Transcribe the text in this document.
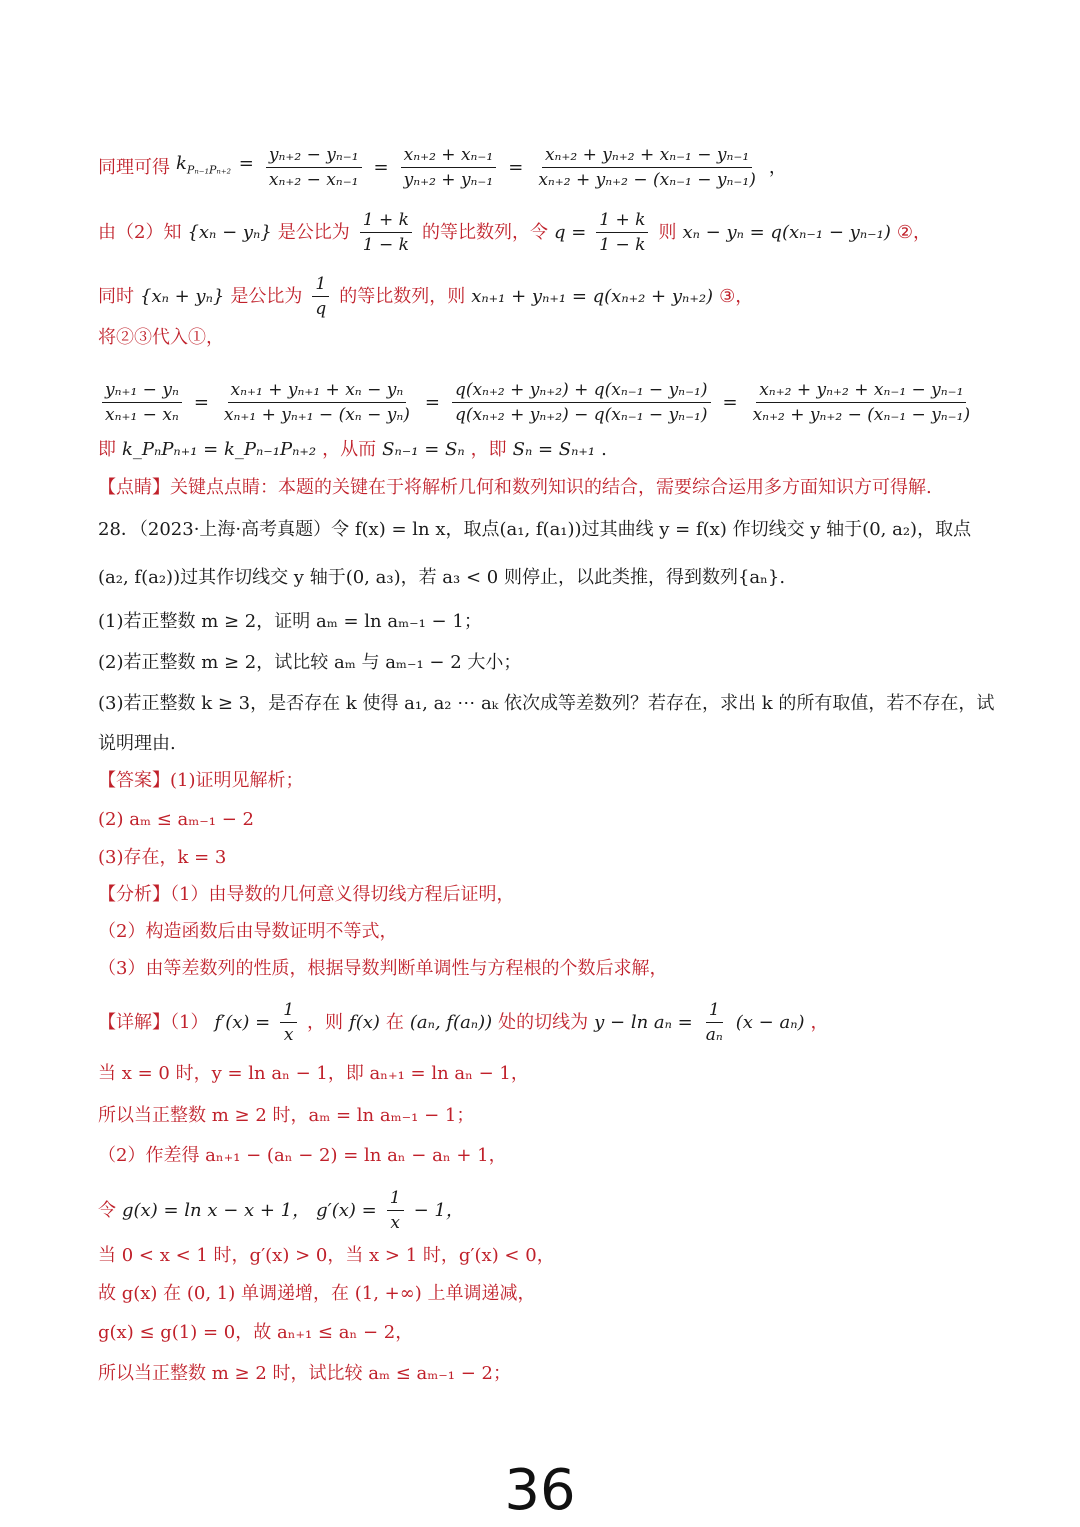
同理可得 $k_{P_{n-1}P_{n+2}} = \frac{\text{yₙ₊₂ − yₙ₋₁}}{\text{xₙ₊₂ − xₙ₋₁}} = \frac{\text{xₙ₊₂ + xₙ₋₁}}{\text{yₙ₊₂ + yₙ₋₁}} = \frac{\text{xₙ₊₂ + yₙ₊₂ + xₙ₋₁ − yₙ₋₁}}{\text{xₙ₊₂ + yₙ₊₂ − (xₙ₋₁ − yₙ₋₁)}}$ ，
由（2）知 {xₙ − yₙ} 是公比为 $\frac{1 + k}{1 - k}$ 的等比数列，令 $q = \frac{1 + k}{1 - k}$ 则 xₙ − yₙ = q(xₙ₋₁ − yₙ₋₁) ②，
同时 {xₙ + yₙ} 是公比为 $\frac{1}{q}$ 的等比数列，则 xₙ₊₁ + yₙ₊₁ = q(xₙ₊₂ + yₙ₊₂) ③，
将②③代入①，
$\frac{\text{yₙ₊₁ − yₙ}}{\text{xₙ₊₁ − xₙ}} = \frac{\text{xₙ₊₁ + yₙ₊₁ + xₙ − yₙ}}{\text{xₙ₊₁ + yₙ₊₁ − (xₙ − yₙ)}} = \frac{\text{q(xₙ₊₂ + yₙ₊₂) + q(xₙ₋₁ − yₙ₋₁)}}{\text{q(xₙ₊₂ + yₙ₊₂) − q(xₙ₋₁ − yₙ₋₁)}} = \frac{\text{xₙ₊₂ + yₙ₊₂ + xₙ₋₁ − yₙ₋₁}}{\text{xₙ₊₂ + yₙ₊₂ − (xₙ₋₁ − yₙ₋₁)}}$
即 k_PₙPₙ₊₁ = k_Pₙ₋₁Pₙ₊₂ ，从而 Sₙ₋₁ = Sₙ ，即 Sₙ = Sₙ₊₁ .
【点睛】关键点点睛：本题的关键在于将解析几何和数列知识的结合，需要综合运用多方面知识方可得解.
28．（2023·上海·高考真题）令 f(x) = ln x，取点(a₁, f(a₁))过其曲线 y = f(x) 作切线交 y 轴于(0, a₂)，取点
(a₂, f(a₂))过其作切线交 y 轴于(0, a₃)，若 a₃ < 0 则停止，以此类推，得到数列{aₙ}.
(1)若正整数 m ≥ 2，证明 aₘ = ln aₘ₋₁ − 1；
(2)若正整数 m ≥ 2，试比较 aₘ 与 aₘ₋₁ − 2 大小；
(3)若正整数 k ≥ 3，是否存在 k 使得 a₁, a₂ ⋯ aₖ 依次成等差数列？若存在，求出 k 的所有取值，若不存在，试
说明理由.
【答案】(1)证明见解析；
(2) aₘ ≤ aₘ₋₁ − 2
(3)存在，k = 3
【分析】（1）由导数的几何意义得切线方程后证明，
（2）构造函数后由导数证明不等式，
（3）由等差数列的性质，根据导数判断单调性与方程根的个数后求解，
【详解】（1） $f'(x) = \frac{1}{x}$ ，则 f(x) 在 (aₙ, f(aₙ)) 处的切线为 $y - \ln a_n = \frac{1}{\text{aₙ}} (x - a_n)$ ，
当 x = 0 时，y = ln aₙ − 1，即 aₙ₊₁ = ln aₙ − 1，
所以当正整数 m ≥ 2 时，aₘ = ln aₘ₋₁ − 1；
（2）作差得 aₙ₊₁ − (aₙ − 2) = ln aₙ − aₙ + 1，
令 g(x) = ln x − x + 1， $g'(x) = \frac{1}{x} - 1$，
当 0 < x < 1 时，g′(x) > 0，当 x > 1 时，g′(x) < 0，
故 g(x) 在 (0, 1) 单调递增，在 (1, +∞) 上单调递减，
g(x) ≤ g(1) = 0，故 aₙ₊₁ ≤ aₙ − 2，
所以当正整数 m ≥ 2 时，试比较 aₘ ≤ aₘ₋₁ − 2；
36
